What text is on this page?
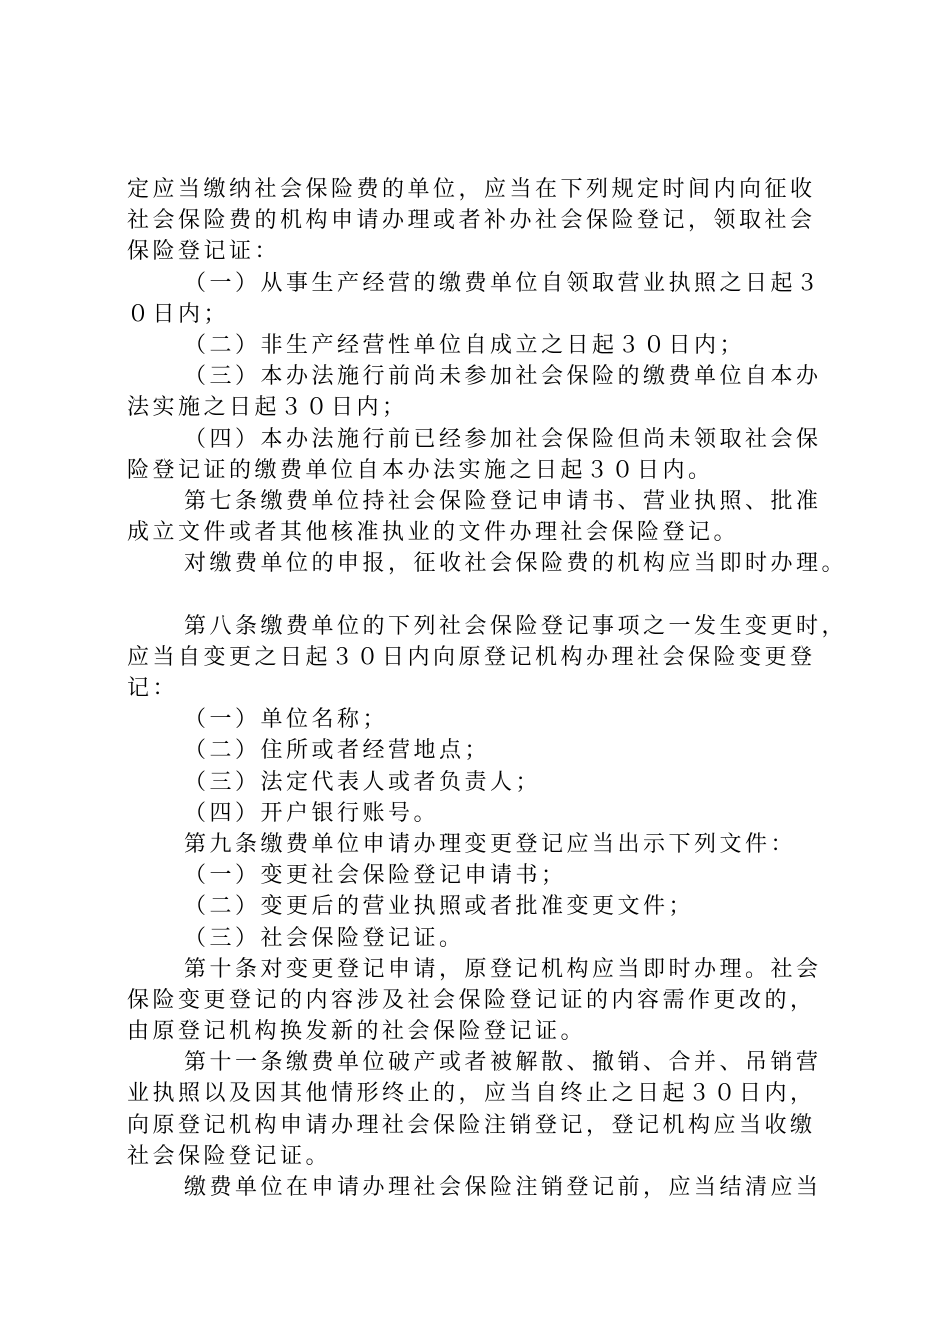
定应当缴纳社会保险费的单位，应当在下列规定时间内向征收
社会保险费的机构申请办理或者补办社会保险登记，领取社会
保险登记证：
（一）从事生产经营的缴费单位自领取营业执照之日起３
０日内；
（二）非生产经营性单位自成立之日起３０日内；
（三）本办法施行前尚未参加社会保险的缴费单位自本办
法实施之日起３０日内；
（四）本办法施行前已经参加社会保险但尚未领取社会保
险登记证的缴费单位自本办法实施之日起３０日内。
第七条缴费单位持社会保险登记申请书、营业执照、批准
成立文件或者其他核准执业的文件办理社会保险登记。
对缴费单位的申报，征收社会保险费的机构应当即时办理。
第八条缴费单位的下列社会保险登记事项之一发生变更时，
应当自变更之日起３０日内向原登记机构办理社会保险变更登
记：
（一）单位名称；
（二）住所或者经营地点；
（三）法定代表人或者负责人；
（四）开户银行账号。
第九条缴费单位申请办理变更登记应当出示下列文件：
（一）变更社会保险登记申请书；
（二）变更后的营业执照或者批准变更文件；
（三）社会保险登记证。
第十条对变更登记申请，原登记机构应当即时办理。社会
保险变更登记的内容涉及社会保险登记证的内容需作更改的，
由原登记机构换发新的社会保险登记证。
第十一条缴费单位破产或者被解散、撤销、合并、吊销营
业执照以及因其他情形终止的，应当自终止之日起３０日内，
向原登记机构申请办理社会保险注销登记，登记机构应当收缴
社会保险登记证。
缴费单位在申请办理社会保险注销登记前，应当结清应当
